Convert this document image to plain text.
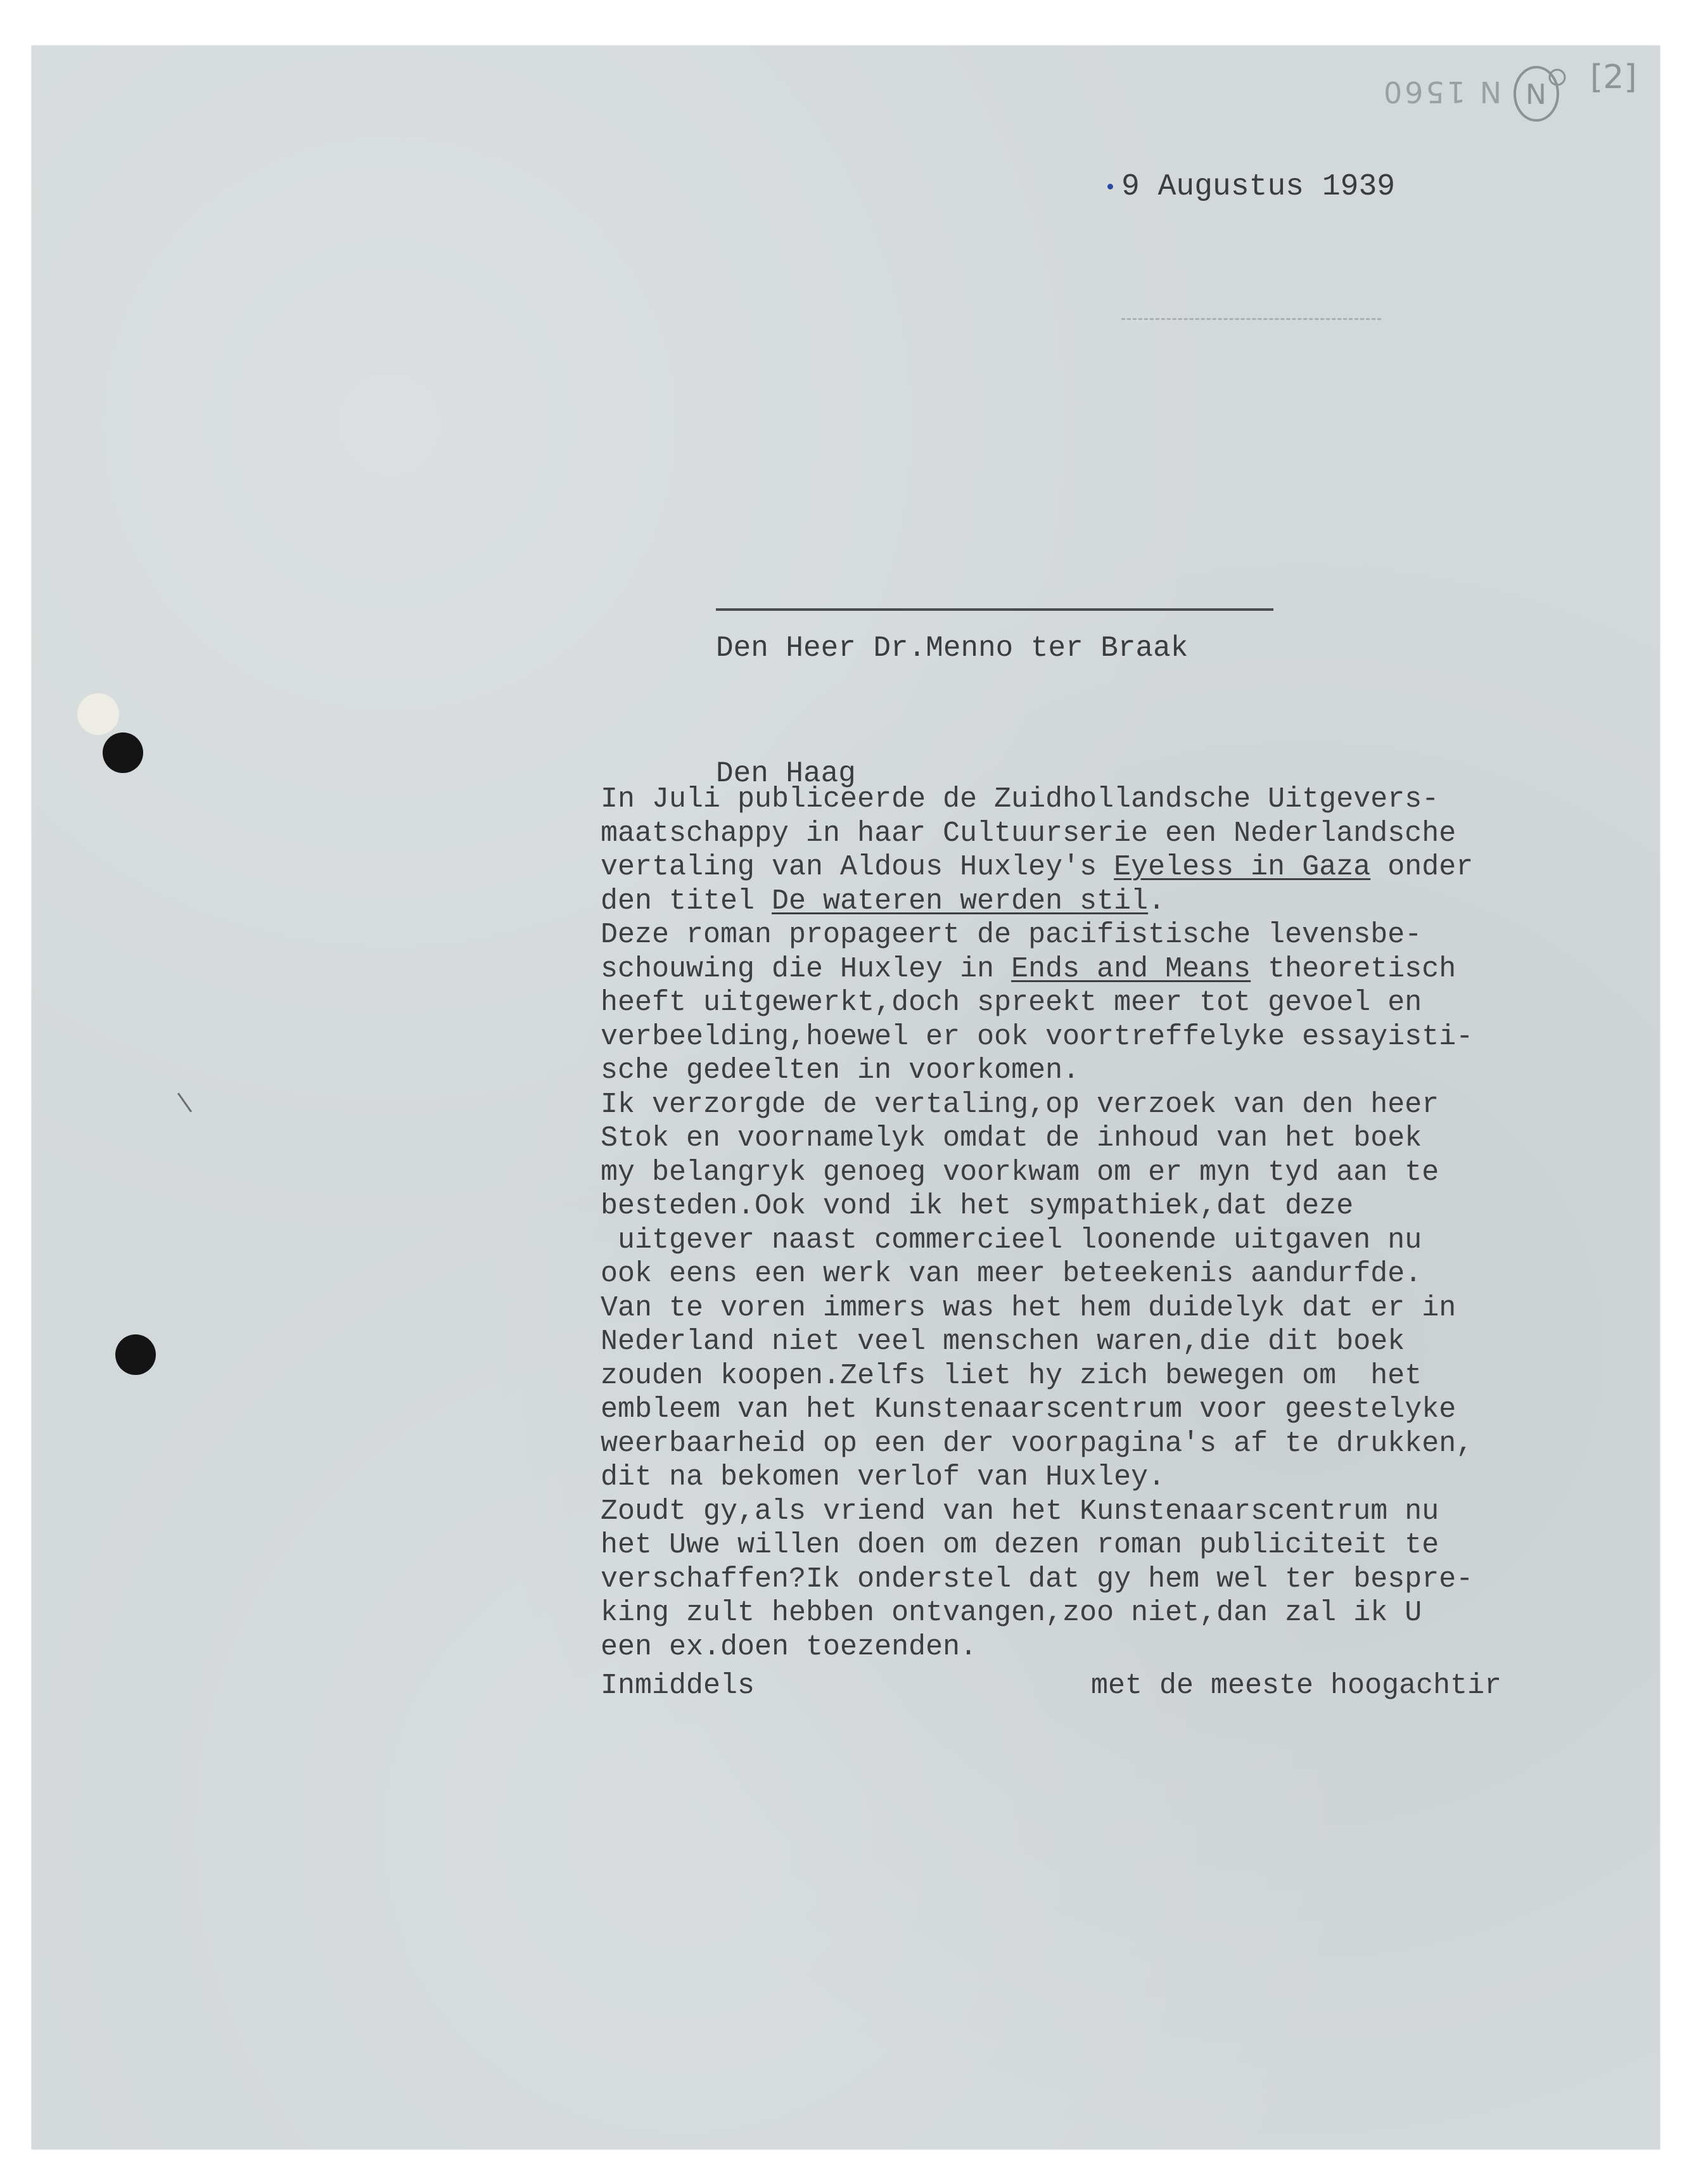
N 1560 N [2]
9 Augustus 1939

Den Heer Dr.Menno ter Braak

Den Haag

In Juli publiceerde de Zuidhollandsche Uitgevers-
maatschappy in haar Cultuurserie een Nederlandsche
vertaling van Aldous Huxley's Eyeless in Gaza onder
den titel De wateren werden stil.
Deze roman propageert de pacifistische levensbe-
schouwing die Huxley in Ends and Means theoretisch
heeft uitgewerkt,doch spreekt meer tot gevoel en
verbeelding,hoewel er ook voortreffelyke essayisti-
sche gedeelten in voorkomen.
Ik verzorgde de vertaling,op verzoek van den heer
Stok en voornamelyk omdat de inhoud van het boek
my belangryk genoeg voorkwam om er myn tyd aan te
besteden.Ook vond ik het sympathiek,dat deze
uitgever naast commercieel loonende uitgaven nu
ook eens een werk van meer beteekenis aandurfde.
Van te voren immers was het hem duidelyk dat er in
Nederland niet veel menschen waren,die dit boek
zouden koopen.Zelfs liet hy zich bewegen om  het
embleem van het Kunstenaarscentrum voor geestelyke
weerbaarheid op een der voorpagina's af te drukken,
dit na bekomen verlof van Huxley.
Zoudt gy,als vriend van het Kunstenaarscentrum nu
het Uwe willen doen om dezen roman publiciteit te
verschaffen?Ik onderstel dat gy hem wel ter bespre-
king zult hebben ontvangen,zoo niet,dan zal ik U
een ex.doen toezenden.
Inmiddels	met de meeste hoogachtir
